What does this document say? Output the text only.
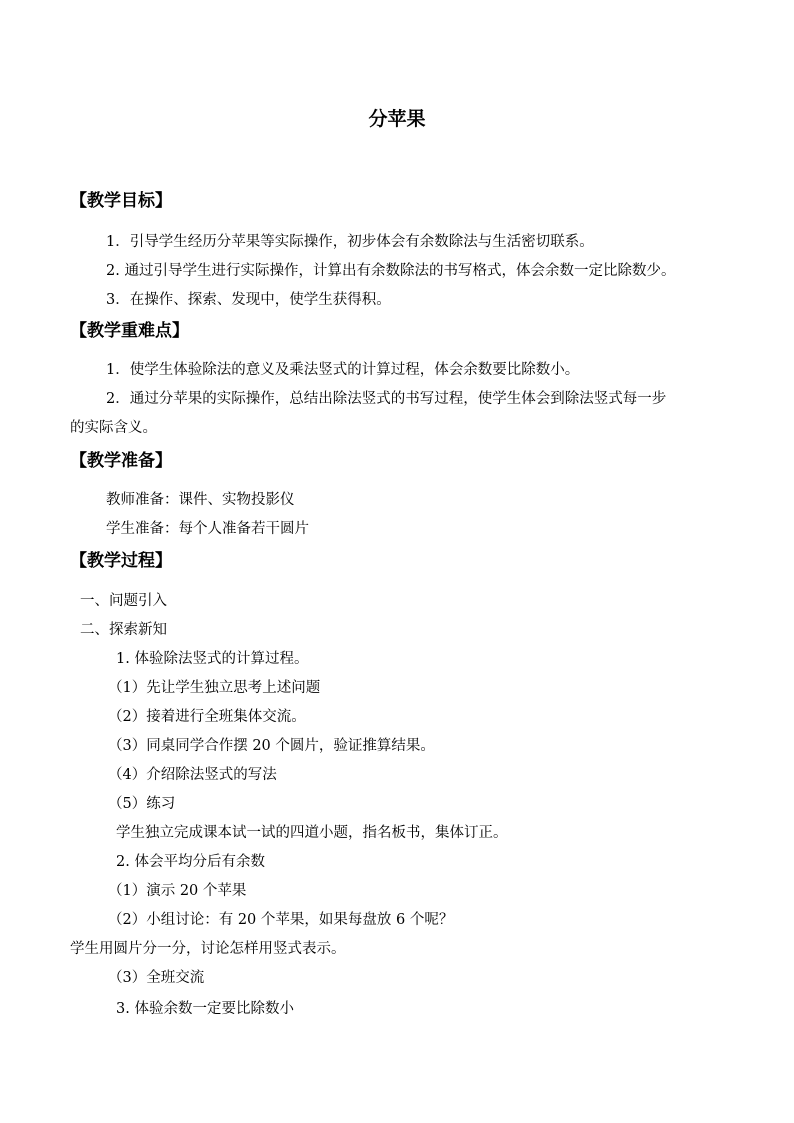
分苹果
【教学目标】
1．引导学生经历分苹果等实际操作，初步体会有余数除法与生活密切联系。
2. 通过引导学生进行实际操作，计算出有余数除法的书写格式，体会余数一定比除数少。
3．在操作、探索、发现中，使学生获得积。
【教学重难点】
1．使学生体验除法的意义及乘法竖式的计算过程，体会余数要比除数小。
2．通过分苹果的实际操作，总结出除法竖式的书写过程，使学生体会到除法竖式每一步
的实际含义。
【教学准备】
教师准备：课件、实物投影仪
学生准备：每个人准备若干圆片
【教学过程】
一、问题引入
二、探索新知
1. 体验除法竖式的计算过程。
（1）先让学生独立思考上述问题
（2）接着进行全班集体交流。
（3）同桌同学合作摆 20 个圆片，验证推算结果。
（4）介绍除法竖式的写法
（5）练习
学生独立完成课本试一试的四道小题，指名板书，集体订正。
2. 体会平均分后有余数
（1）演示 20 个苹果
（2）小组讨论：有 20 个苹果，如果每盘放 6 个呢？
学生用圆片分一分，讨论怎样用竖式表示。
（3）全班交流
3. 体验余数一定要比除数小
